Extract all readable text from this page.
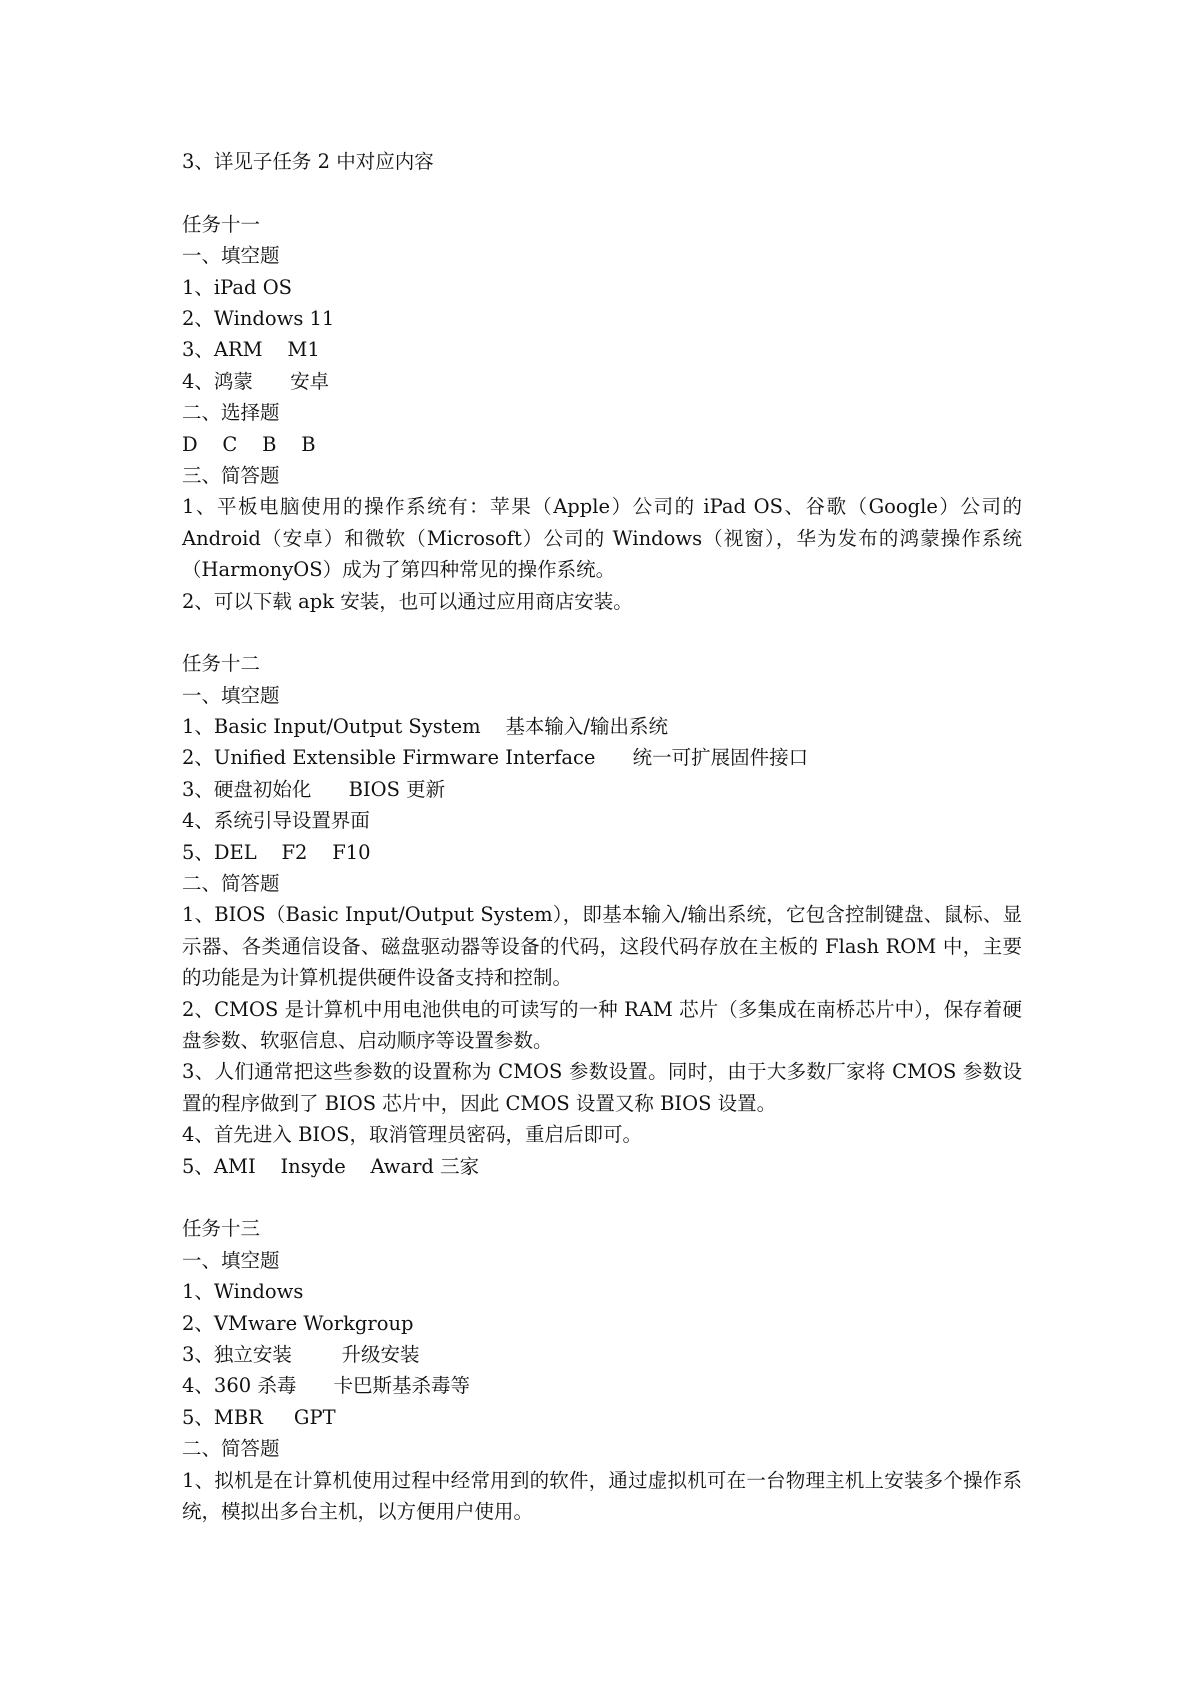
3、详见子任务 2 中对应内容
任务十一
一、填空题
1、iPad OS
2、Windows 11
3、ARM    M1
4、鸿蒙      安卓
二、选择题
D    C    B    B
三、简答题
1、平板电脑使用的操作系统有：苹果（Apple）公司的 iPad OS、谷歌（Google）公司的 Android（安卓）和微软（Microsoft）公司的 Windows（视窗），华为发布的鸿蒙操作系统（HarmonyOS）成为了第四种常见的操作系统。
2、可以下载 apk 安装，也可以通过应用商店安装。
任务十二
一、填空题
1、Basic Input/Output System    基本输入/输出系统
2、Unified Extensible Firmware Interface      统一可扩展固件接口
3、硬盘初始化      BIOS 更新
4、系统引导设置界面
5、DEL    F2    F10
二、简答题
1、BIOS（Basic Input/Output System），即基本输入/输出系统，它包含控制键盘、鼠标、显示器、各类通信设备、磁盘驱动器等设备的代码，这段代码存放在主板的 Flash ROM 中，主要的功能是为计算机提供硬件设备支持和控制。
2、CMOS 是计算机中用电池供电的可读写的一种 RAM 芯片（多集成在南桥芯片中），保存着硬盘参数、软驱信息、启动顺序等设置参数。
3、人们通常把这些参数的设置称为 CMOS 参数设置。同时，由于大多数厂家将 CMOS 参数设置的程序做到了 BIOS 芯片中，因此 CMOS 设置又称 BIOS 设置。
4、首先进入 BIOS，取消管理员密码，重启后即可。
5、AMI    Insyde    Award 三家
任务十三
一、填空题
1、Windows
2、VMware Workgroup
3、独立安装        升级安装
4、360 杀毒      卡巴斯基杀毒等
5、MBR     GPT
二、简答题
1、拟机是在计算机使用过程中经常用到的软件，通过虚拟机可在一台物理主机上安装多个操作系统，模拟出多台主机，以方便用户使用。
